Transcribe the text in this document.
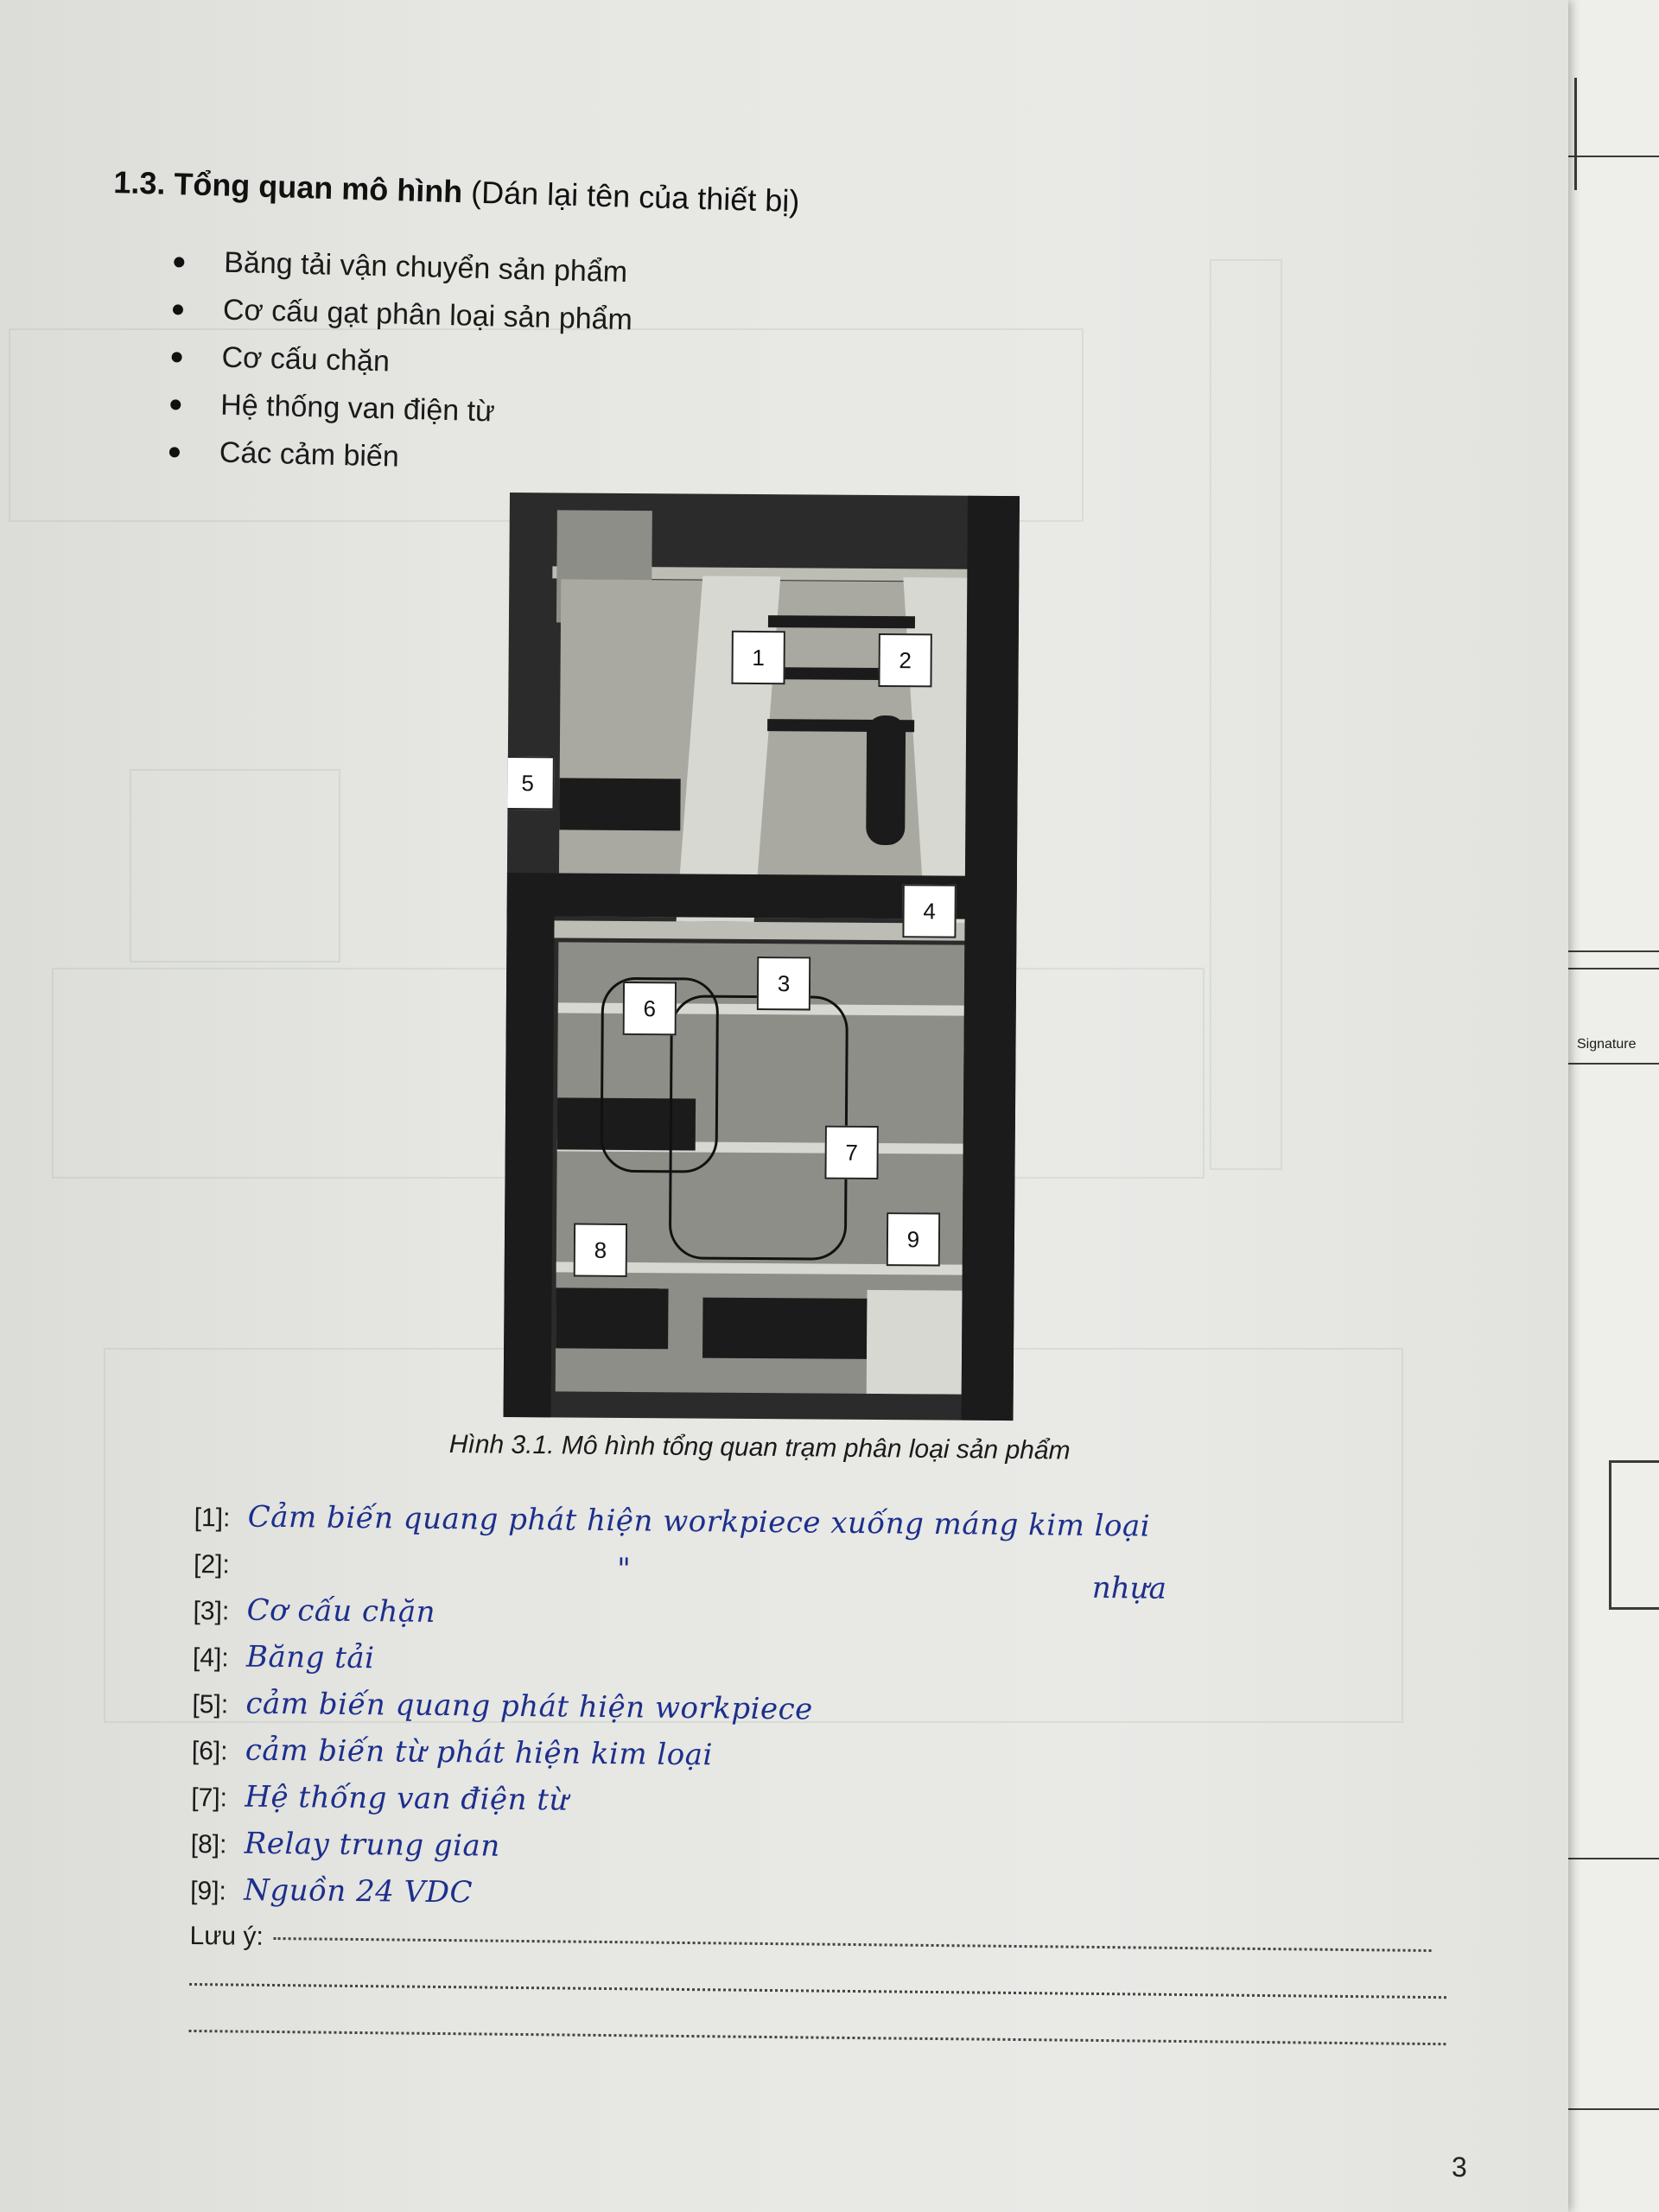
Signature
1.3. Tổng quan mô hình (Dán lại tên của thiết bị)
Băng tải vận chuyển sản phẩm
Cơ cấu gạt phân loại sản phẩm
Cơ cấu chặn
Hệ thống van điện từ
Các cảm biến
1	2
3
4
5
6
7
8	9
Hình 3.1. Mô hình tổng quan trạm phân loại sản phẩm
[1]: Cảm biến quang phát hiện workpiece xuống máng kim loại
[2]:	"
nhựa
[3]: Cơ cấu chặn
[4]: Băng tải
[5]: cảm biến quang phát hiện workpiece
[6]: cảm biến từ phát hiện kim loại
[7]: Hệ thống van điện từ
[8]: Relay trung gian
[9]: Nguồn 24 VDC
Lưu ý:
3
